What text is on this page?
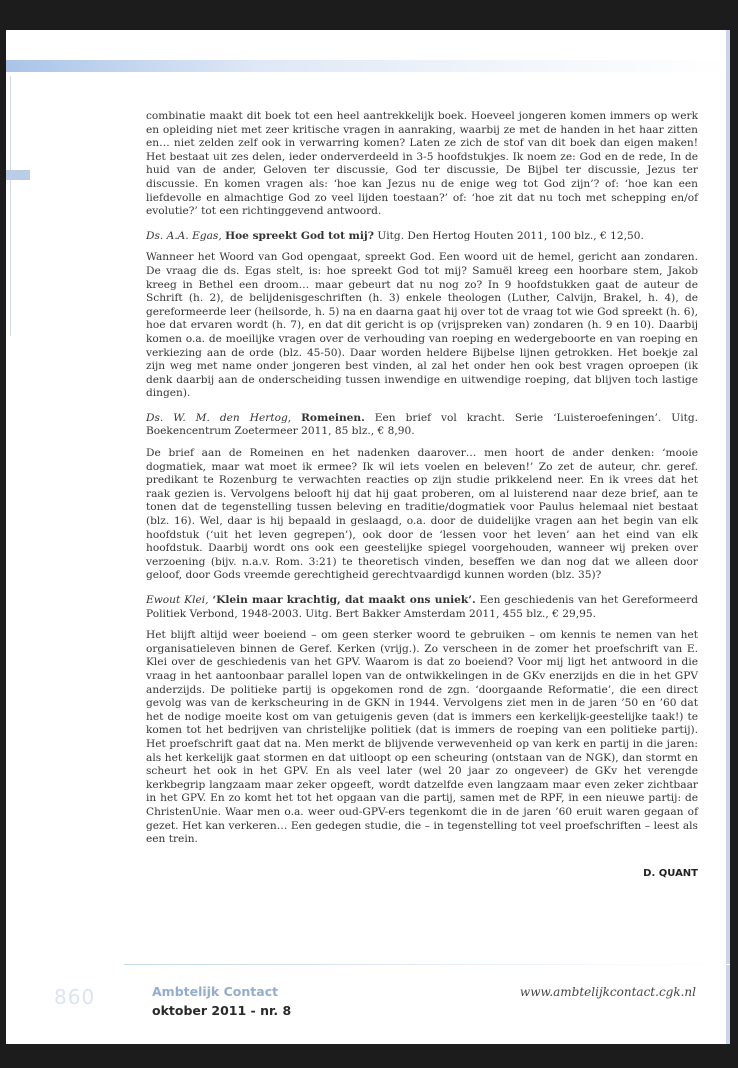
860

combinatie maakt dit boek tot een heel aantrekkelijk boek. Hoeveel jongeren komen immers op werk en opleiding niet met zeer kritische vragen in aanraking, waarbij ze met de handen in het haar zitten en… niet zelden zelf ook in verwarring komen? Laten ze zich de stof van dit boek dan eigen maken! Het bestaat uit zes delen, ieder onderverdeeld in 3-5 hoofdstukjes. Ik noem ze: God en de rede, In de huid van de ander, Geloven ter discussie, God ter discussie, De Bijbel ter discussie, Jezus ter discussie. En komen vragen als: ‘hoe kan Jezus nu de enige weg tot God zijn’? of: ‘hoe kan een liefdevolle en almachtige God zo veel lijden toestaan?’ of: ‘hoe zit dat nu toch met schepping en/of evolutie?’ tot een richtinggevend antwoord.

Ds. A.A. Egas, Hoe spreekt God tot mij? Uitg. Den Hertog Houten 2011, 100 blz., € 12,50.

Wanneer het Woord van God opengaat, spreekt God. Een woord uit de hemel, gericht aan zondaren. De vraag die ds. Egas stelt, is: hoe spreekt God tot mij? Samuël kreeg een hoorbare stem, Jakob kreeg in Bethel een droom… maar gebeurt dat nu nog zo? In 9 hoofdstukken gaat de auteur de Schrift (h. 2), de belijdenisgeschriften (h. 3) enkele theologen (Luther, Calvijn, Brakel, h. 4), de gereformeerde leer (heilsorde, h. 5) na en daarna gaat hij over tot de vraag tot wie God spreekt (h. 6), hoe dat ervaren wordt (h. 7), en dat dit gericht is op (vrijspreken van) zondaren (h. 9 en 10). Daarbij komen o.a. de moeilijke vragen over de verhouding van roeping en wedergeboorte en van roeping en verkiezing aan de orde (blz. 45-50). Daar worden heldere Bijbelse lijnen getrokken. Het boekje zal zijn weg met name onder jongeren best vinden, al zal het onder hen ook best vragen oproepen (ik denk daarbij aan de onderscheiding tussen inwendige en uitwendige roeping, dat blijven toch lastige dingen).

Ds. W. M. den Hertog, Romeinen. Een brief vol kracht. Serie ‘Luisteroefeningen’. Uitg. Boekencentrum Zoetermeer 2011, 85 blz., € 8,90.

De brief aan de Romeinen en het nadenken daarover… men hoort de ander denken: ‘mooie dogmatiek, maar wat moet ik ermee? Ik wil iets voelen en beleven!’ Zo zet de auteur, chr. geref. predikant te Rozenburg te verwachten reacties op zijn studie prikkelend neer. En ik vrees dat het raak gezien is. Vervolgens belooft hij dat hij gaat proberen, om al luisterend naar deze brief, aan te tonen dat de tegenstelling tussen beleving en traditie/dogmatiek voor Paulus helemaal niet bestaat (blz. 16). Wel, daar is hij bepaald in geslaagd, o.a. door de duidelijke vragen aan het begin van elk hoofdstuk (‘uit het leven gegrepen’), ook door de ‘lessen voor het leven’ aan het eind van elk hoofdstuk. Daarbij wordt ons ook een geestelijke spiegel voorgehouden, wanneer wij preken over verzoening (bijv. n.a.v. Rom. 3:21) te theoretisch vinden, beseffen we dan nog dat we alleen door geloof, door Gods vreemde gerechtigheid gerechtvaardigd kunnen worden (blz. 35)?

Ewout Klei, ‘Klein maar krachtig, dat maakt ons uniek’. Een geschiedenis van het Gereformeerd Politiek Verbond, 1948-2003. Uitg. Bert Bakker Amsterdam 2011, 455 blz., € 29,95.

Het blijft altijd weer boeiend – om geen sterker woord te gebruiken – om kennis te nemen van het organisatieleven binnen de Geref. Kerken (vrijg.). Zo verscheen in de zomer het proefschrift van E. Klei over de geschiedenis van het GPV. Waarom is dat zo boeiend? Voor mij ligt het antwoord in die vraag in het aantoonbaar parallel lopen van de ontwikkelingen in de GKv enerzijds en die in het GPV anderzijds. De politieke partij is opgekomen rond de zgn. ‘doorgaande Reformatie’, die een direct gevolg was van de kerkscheuring in de GKN in 1944. Vervolgens ziet men in de jaren ’50 en ’60 dat het de nodige moeite kost om van getuigenis geven (dat is immers een kerkelijk-geestelijke taak!) te komen tot het bedrijven van christelijke politiek (dat is immers de roeping van een politieke partij). Het proefschrift gaat dat na. Men merkt de blijvende verwevenheid op van kerk en partij in die jaren: als het kerkelijk gaat stormen en dat uitloopt op een scheuring (ontstaan van de NGK), dan stormt en scheurt het ook in het GPV. En als veel later (wel 20 jaar zo ongeveer) de GKv het verengde kerkbegrip langzaam maar zeker opgeeft, wordt datzelfde even langzaam maar even zeker zichtbaar in het GPV. En zo komt het tot het opgaan van die partij, samen met de RPF, in een nieuwe partij: de ChristenUnie. Waar men o.a. weer oud-GPV-ers tegenkomt die in de jaren ’60 eruit waren gegaan of gezet. Het kan verkeren… Een gedegen studie, die – in tegenstelling tot veel proefschriften – leest als een trein.

D. QUANT
Ambtelijk Contact
oktober 2011 - nr. 8
www.ambtelijkcontact.cgk.nl
